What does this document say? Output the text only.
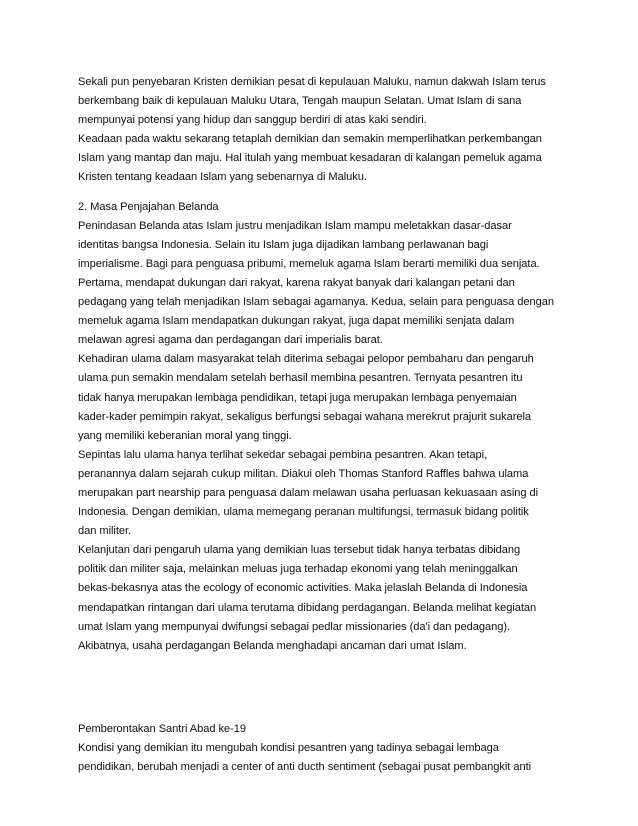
Sekali pun penyebaran Kristen demikian pesat di kepulauan Maluku, namun dakwah Islam terus
berkembang baik di kepulauan Maluku Utara, Tengah maupun Selatan. Umat Islam di sana
mempunyai potensi yang hidup dan sanggup berdiri di atas kaki sendiri.
Keadaan pada waktu sekarang tetaplah demikian dan semakin memperlihatkan perkembangan
Islam yang mantap dan maju. Hal itulah yang membuat kesadaran di kalangan pemeluk agama
Kristen tentang keadaan Islam yang sebenarnya di Maluku.
2. Masa Penjajahan Belanda
Penindasan Belanda atas Islam justru menjadikan Islam mampu meletakkan dasar-dasar
identitas bangsa Indonesia. Selain itu Islam juga dijadikan lambang perlawanan bagi
imperialisme. Bagi para penguasa pribumi, memeluk agama Islam berarti memiliki dua senjata.
Pertama, mendapat dukungan dari rakyat, karena rakyat banyak dari kalangan petani dan
pedagang yang telah menjadikan Islam sebagai agamanya. Kedua, selain para penguasa dengan
memeluk agama Islam mendapatkan dukungan rakyat, juga dapat memiliki senjata dalam
melawan agresi agama dan perdagangan dari imperialis barat.
Kehadiran ulama dalam masyarakat telah diterima sebagai pelopor pembaharu dan pengaruh
ulama pun semakin mendalam setelah berhasil membina pesantren. Ternyata pesantren itu
tidak hanya merupakan lembaga pendidikan, tetapi juga merupakan lembaga penyemaian
kader-kader pemimpin rakyat, sekaligus berfungsi sebagai wahana merekrut prajurit sukarela
yang memiliki keberanian moral yang tinggi.
Sepintas lalu ulama hanya terlihat sekedar sebagai pembina pesantren. Akan tetapi,
peranannya dalam sejarah cukup militan. Diakui oleh Thomas Stanford Raffles bahwa ulama
merupakan part nearship para penguasa dalam melawan usaha perluasan kekuasaan asing di
Indonesia. Dengan demikian, ulama memegang peranan multifungsi, termasuk bidang politik
dan militer.
Kelanjutan dari pengaruh ulama yang demikian luas tersebut tidak hanya terbatas dibidang
politik dan militer saja, melainkan meluas juga terhadap ekonomi yang telah meninggalkan
bekas-bekasnya atas the ecology of economic activities. Maka jelaslah Belanda di Indonesia
mendapatkan rintangan dari ulama terutama dibidang perdagangan. Belanda melihat kegiatan
umat Islam yang mempunyai dwifungsi sebagai pedlar missionaries (da'i dan pedagang).
Akibatnya, usaha perdagangan Belanda menghadapi ancaman dari umat Islam.
Pemberontakan Santri Abad ke-19
Kondisi yang demikian itu mengubah kondisi pesantren yang tadinya sebagai lembaga
pendidikan, berubah menjadi a center of anti ducth sentiment (sebagai pusat pembangkit anti
